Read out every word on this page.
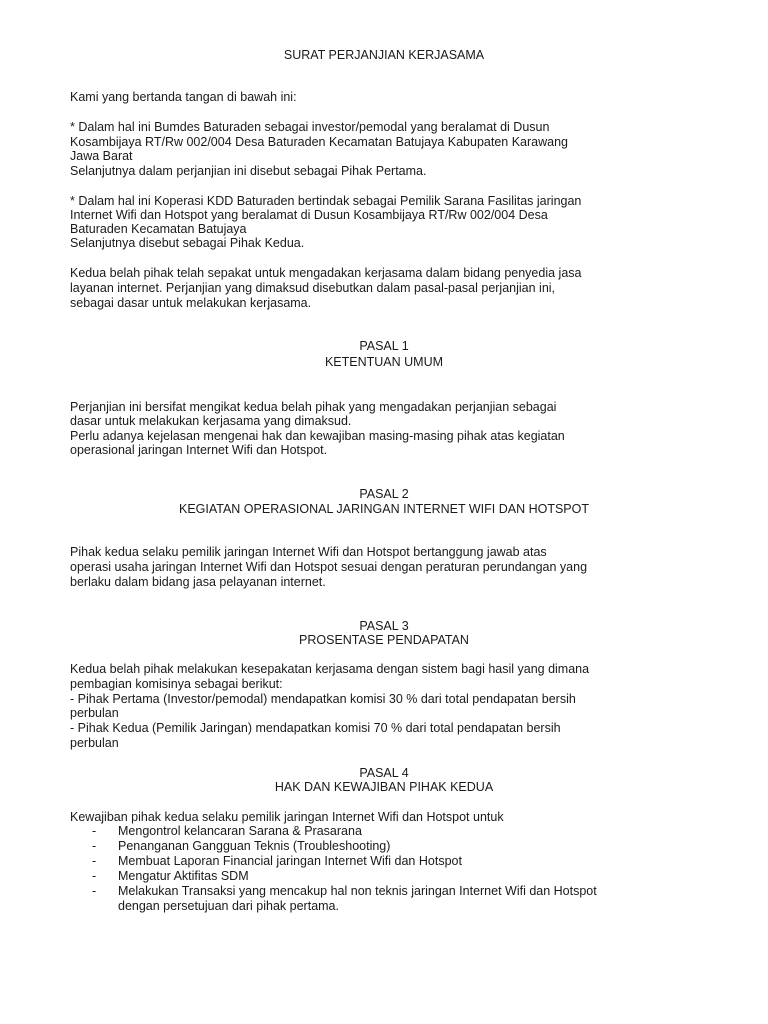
SURAT PERJANJIAN KERJASAMA
Kami yang bertanda tangan di bawah ini:
* Dalam hal ini Bumdes Baturaden sebagai investor/pemodal yang beralamat di Dusun
Kosambijaya RT/Rw 002/004 Desa Baturaden Kecamatan Batujaya Kabupaten Karawang
Jawa Barat
Selanjutnya dalam perjanjian ini disebut sebagai Pihak Pertama.
* Dalam hal ini Koperasi KDD Baturaden bertindak sebagai Pemilik Sarana Fasilitas jaringan
Internet Wifi dan Hotspot yang beralamat di Dusun Kosambijaya RT/Rw 002/004 Desa
Baturaden Kecamatan Batujaya
Selanjutnya disebut sebagai Pihak Kedua.
Kedua belah pihak telah sepakat untuk mengadakan kerjasama dalam bidang penyedia jasa
layanan internet. Perjanjian yang dimaksud disebutkan dalam pasal-pasal perjanjian ini,
sebagai dasar untuk melakukan kerjasama.
PASAL 1
KETENTUAN UMUM
Perjanjian ini bersifat mengikat kedua belah pihak yang mengadakan perjanjian sebagai
dasar untuk melakukan kerjasama yang dimaksud.
Perlu adanya kejelasan mengenai hak dan kewajiban masing-masing pihak atas kegiatan
operasional jaringan Internet Wifi dan Hotspot.
PASAL 2
KEGIATAN OPERASIONAL JARINGAN INTERNET WIFI DAN HOTSPOT
Pihak kedua selaku pemilik jaringan Internet Wifi dan Hotspot bertanggung jawab atas
operasi usaha jaringan Internet Wifi dan Hotspot sesuai dengan peraturan perundangan yang
berlaku dalam bidang jasa pelayanan internet.
PASAL 3
PROSENTASE PENDAPATAN
Kedua belah pihak melakukan kesepakatan kerjasama dengan sistem bagi hasil yang dimana
pembagian komisinya sebagai berikut:
- Pihak Pertama (Investor/pemodal) mendapatkan komisi 30 % dari total pendapatan bersih
perbulan
- Pihak Kedua (Pemilik Jaringan) mendapatkan komisi 70 % dari total pendapatan bersih
perbulan
PASAL 4
HAK DAN KEWAJIBAN PIHAK KEDUA
Kewajiban pihak kedua selaku pemilik jaringan Internet Wifi dan Hotspot untuk
- Mengontrol kelancaran Sarana & Prasarana
- Penanganan Gangguan Teknis (Troubleshooting)
- Membuat Laporan Financial jaringan Internet Wifi dan Hotspot
- Mengatur Aktifitas SDM
- Melakukan Transaksi yang mencakup hal non teknis jaringan Internet Wifi dan Hotspot
dengan persetujuan dari pihak pertama.
